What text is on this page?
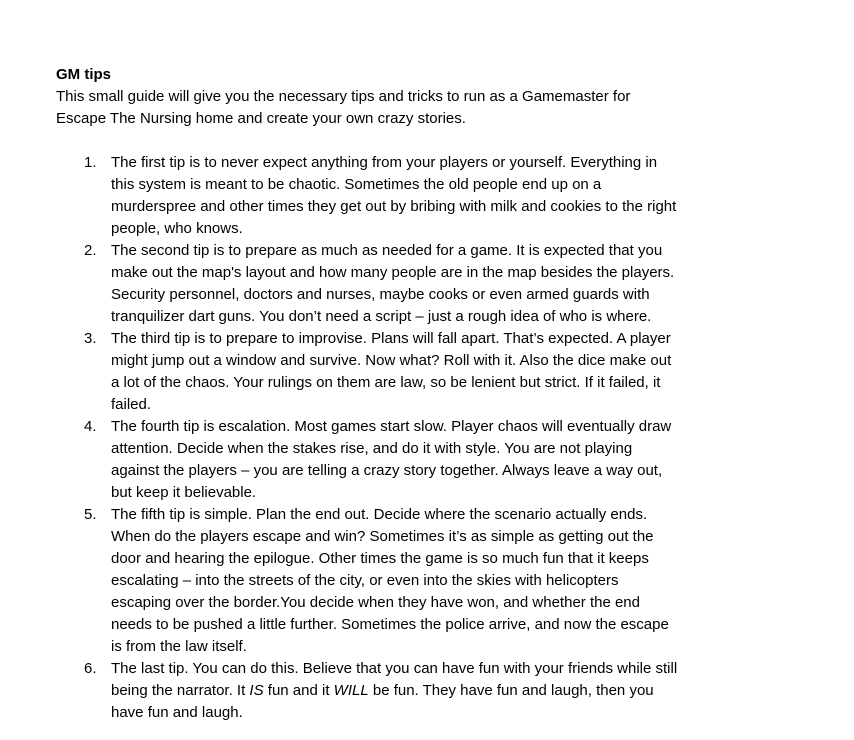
GM tips

This small guide will give you the necessary tips and tricks to run as a Gamemaster for
Escape The Nursing home and create your own crazy stories.

1. The first tip is to never expect anything from your players or yourself. Everything in
this system is meant to be chaotic. Sometimes the old people end up on a
murderspree and other times they get out by bribing with milk and cookies to the right
people, who knows.
2. The second tip is to prepare as much as needed for a game. It is expected that you
make out the map's layout and how many people are in the map besides the players.
Security personnel, doctors and nurses, maybe cooks or even armed guards with
tranquilizer dart guns. You don’t need a script – just a rough idea of who is where.
3. The third tip is to prepare to improvise. Plans will fall apart. That’s expected. A player
might jump out a window and survive. Now what? Roll with it. Also the dice make out
a lot of the chaos. Your rulings on them are law, so be lenient but strict. If it failed, it
failed.
4. The fourth tip is escalation. Most games start slow. Player chaos will eventually draw
attention. Decide when the stakes rise, and do it with style. You are not playing
against the players – you are telling a crazy story together. Always leave a way out,
but keep it believable.
5. The fifth tip is simple. Plan the end out. Decide where the scenario actually ends.
When do the players escape and win? Sometimes it’s as simple as getting out the
door and hearing the epilogue. Other times the game is so much fun that it keeps
escalating – into the streets of the city, or even into the skies with helicopters
escaping over the border.You decide when they have won, and whether the end
needs to be pushed a little further. Sometimes the police arrive, and now the escape
is from the law itself.
6. The last tip. You can do this. Believe that you can have fun with your friends while still
being the narrator. It IS fun and it WILL be fun. They have fun and laugh, then you
have fun and laugh.
